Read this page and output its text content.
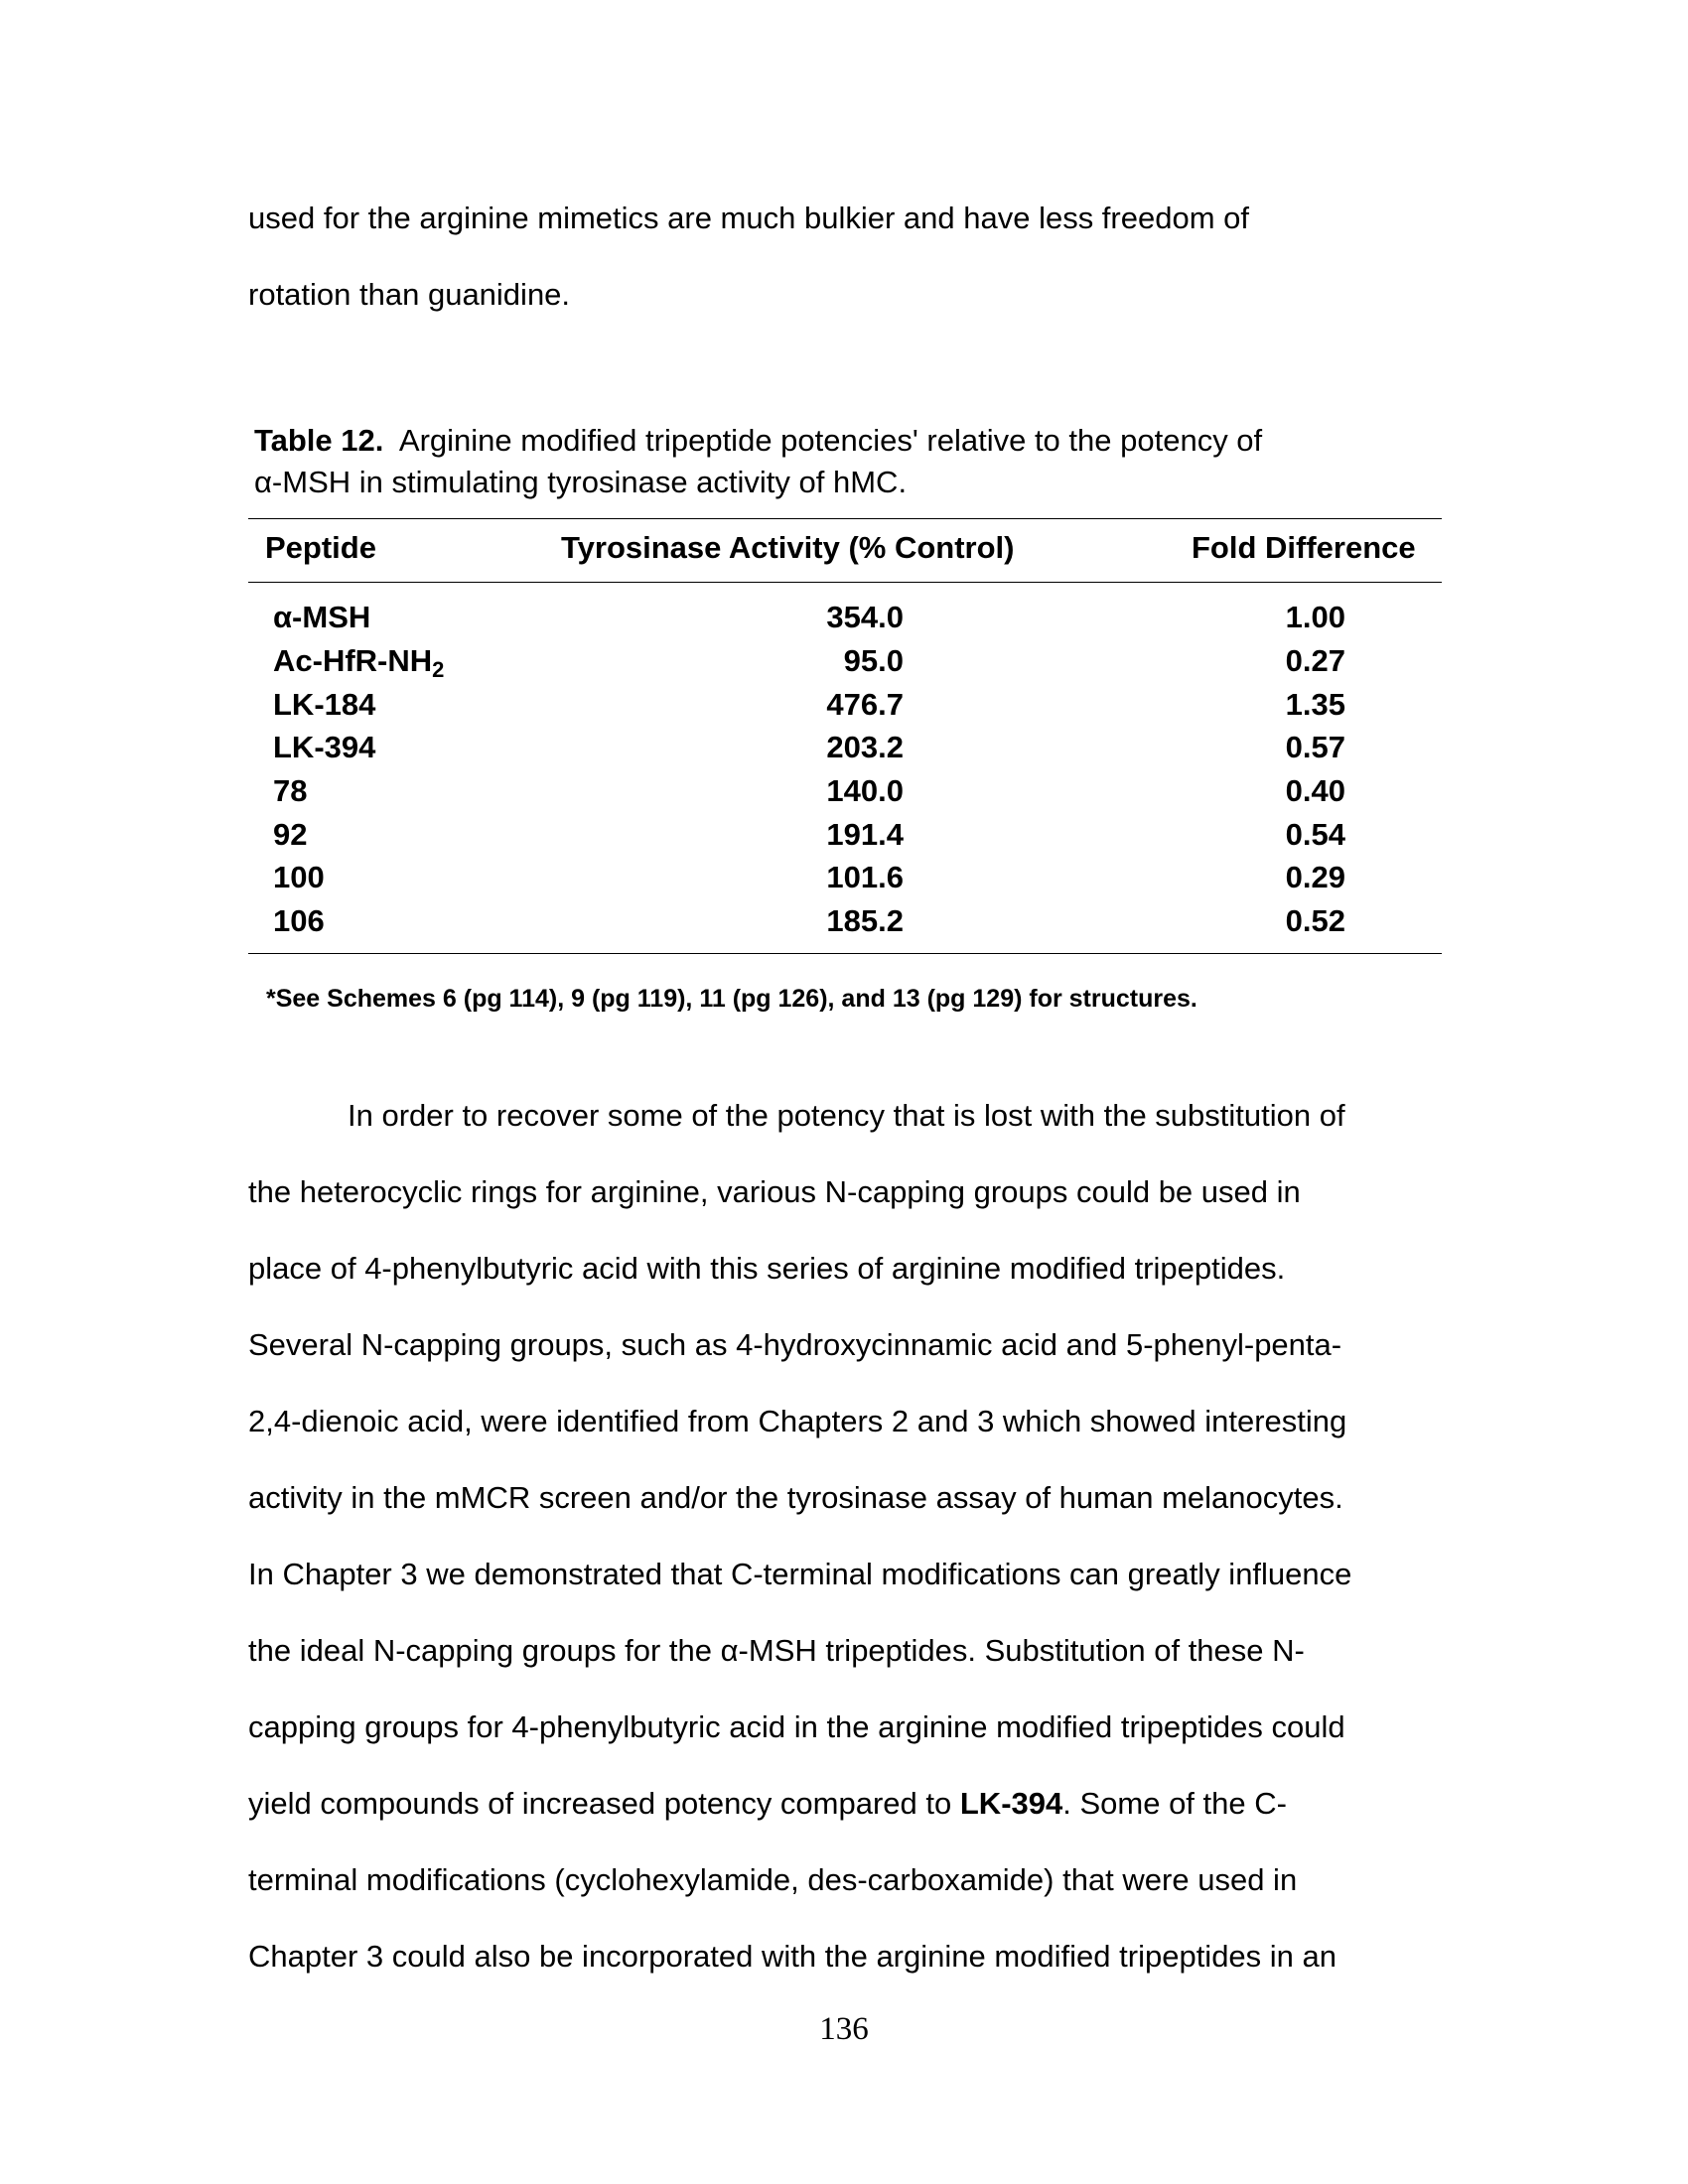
used for the arginine mimetics are much bulkier and have less freedom of
rotation than guanidine.
Table 12. Arginine modified tripeptide potencies' relative to the potency of
α-MSH in stimulating tyrosinase activity of hMC.
Peptide	Tyrosinase Activity (% Control)	Fold Difference
α-MSH	354.0	1.00
$Ac-HfR-NH_2$	95.0	0.27
LK-184	476.7	1.35
LK-394	203.2	0.57
78	140.0	0.40
92	191.4	0.54
100	101.6	0.29
106	185.2	0.52
*See Schemes 6 (pg 114), 9 (pg 119), 11 (pg 126), and 13 (pg 129) for structures.
In order to recover some of the potency that is lost with the substitution of
the heterocyclic rings for arginine, various N-capping groups could be used in
place of 4-phenylbutyric acid with this series of arginine modified tripeptides.
Several N-capping groups, such as 4-hydroxycinnamic acid and 5-phenyl-penta-
2,4-dienoic acid, were identified from Chapters 2 and 3 which showed interesting
activity in the mMCR screen and/or the tyrosinase assay of human melanocytes.
In Chapter 3 we demonstrated that C-terminal modifications can greatly influence
the ideal N-capping groups for the α-MSH tripeptides. Substitution of these N-
capping groups for 4-phenylbutyric acid in the arginine modified tripeptides could
yield compounds of increased potency compared to LK-394. Some of the C-
terminal modifications (cyclohexylamide, des-carboxamide) that were used in
Chapter 3 could also be incorporated with the arginine modified tripeptides in an
136
